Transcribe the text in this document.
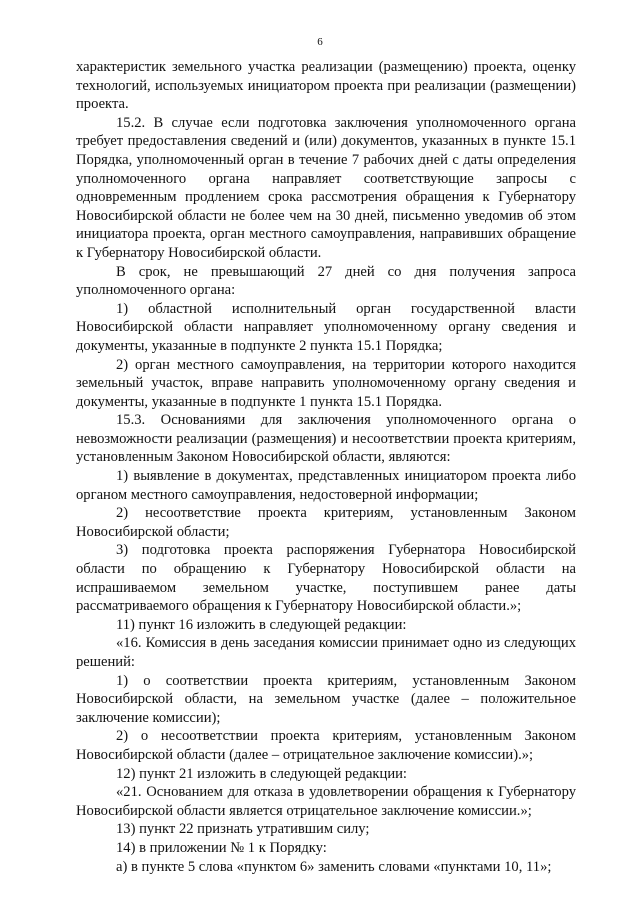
6

характеристик земельного участка реализации (размещению) проекта, оценку технологий, используемых инициатором проекта при реализации (размещении) проекта.

15.2. В случае если подготовка заключения уполномоченного органа требует предоставления сведений и (или) документов, указанных в пункте 15.1 Порядка, уполномоченный орган в течение 7 рабочих дней с даты определения уполномоченного органа направляет соответствующие запросы с одновременным продлением срока рассмотрения обращения к Губернатору Новосибирской области не более чем на 30 дней, письменно уведомив об этом инициатора проекта, орган местного самоуправления, направивших обращение к Губернатору Новосибирской области.

В срок, не превышающий 27 дней со дня получения запроса уполномоченного органа:

1) областной исполнительный орган государственной власти Новосибирской области направляет уполномоченному органу сведения и документы, указанные в подпункте 2 пункта 15.1 Порядка;

2) орган местного самоуправления, на территории которого находится земельный участок, вправе направить уполномоченному органу сведения и документы, указанные в подпункте 1 пункта 15.1 Порядка.

15.3. Основаниями для заключения уполномоченного органа о невозможности реализации (размещения) и несоответствии проекта критериям, установленным Законом Новосибирской области, являются:

1) выявление в документах, представленных инициатором проекта либо органом местного самоуправления, недостоверной информации;

2) несоответствие проекта критериям, установленным Законом Новосибирской области;

3) подготовка проекта распоряжения Губернатора Новосибирской области по обращению к Губернатору Новосибирской области на испрашиваемом земельном участке, поступившем ранее даты рассматриваемого обращения к Губернатору Новосибирской области.»;

11) пункт 16 изложить в следующей редакции:

«16. Комиссия в день заседания комиссии принимает одно из следующих решений:

1) о соответствии проекта критериям, установленным Законом Новосибирской области, на земельном участке (далее – положительное заключение комиссии);

2) о несоответствии проекта критериям, установленным Законом Новосибирской области (далее – отрицательное заключение комиссии).»;

12) пункт 21 изложить в следующей редакции:

«21. Основанием для отказа в удовлетворении обращения к Губернатору Новосибирской области является отрицательное заключение комиссии.»;

13) пункт 22 признать утратившим силу;

14) в приложении № 1 к Порядку:

а) в пункте 5 слова «пунктом 6» заменить словами «пунктами 10, 11»;
